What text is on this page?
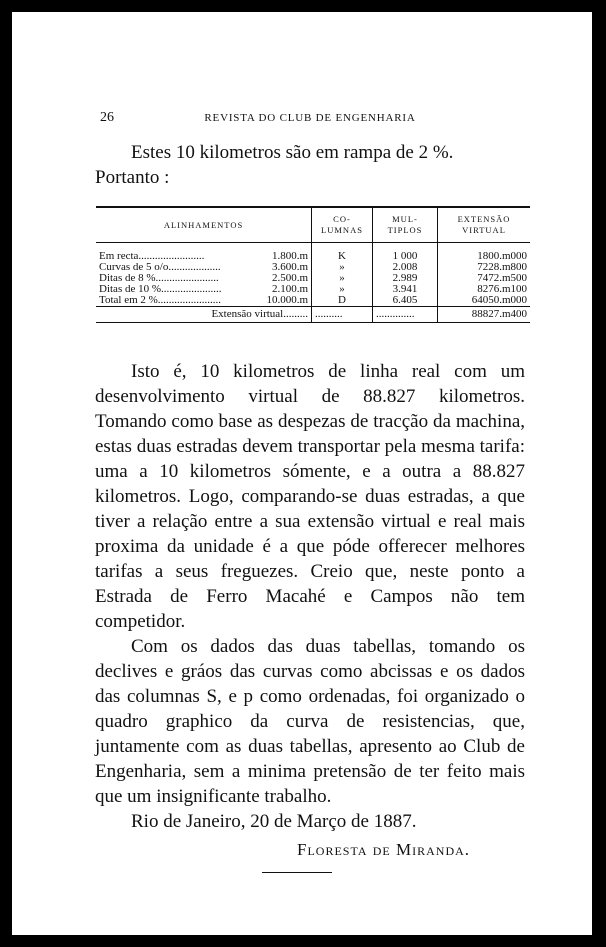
26	REVISTA DO CLUB DE ENGENHARIA

Estes 10 kilometros são em rampa de 2 %.

Portanto :

ALINHAMENTOS		CO- LUMNAS	MUL- TIPLOS	EXTENSÃO VIRTUAL
Em recta........................	1.800.m	K	1 000	1800.m000
Curvas de 5 o/o...................	3.600.m	»	2.008	7228.m800
Ditas de 8 %.......................	2.500.m	»	2.989	7472.m500
Ditas de 10 %......................	2.100.m	»	3.941	8276.m100
Total em 2 %.......................	10.000.m	D	6.405	64050.m000
Extensão virtual.........		..........	..............	88827.m400

Isto é, 10 kilometros de linha real com um desenvolvimento virtual de 88.827 kilometros. Tomando como base as despezas de tracção da machina, estas duas estradas devem transportar pela mesma tarifa: uma a 10 kilometros sómente, e a outra a 88.827 kilometros. Logo, comparando-se duas estradas, a que tiver a relação entre a sua extensão virtual e real mais proxima da unidade é a que póde offerecer melhores tarifas a seus freguezes. Creio que, neste ponto a Estrada de Ferro Macahé e Campos não tem competidor.

Com os dados das duas tabellas, tomando os declives e gráos das curvas como abcissas e os dados das columnas S, e p como ordenadas, foi organizado o quadro graphico da curva de resistencias, que, juntamente com as duas tabellas, apresento ao Club de Engenharia, sem a minima pretensão de ter feito mais que um insignificante trabalho.

Rio de Janeiro, 20 de Março de 1887.

Floresta de Miranda.
